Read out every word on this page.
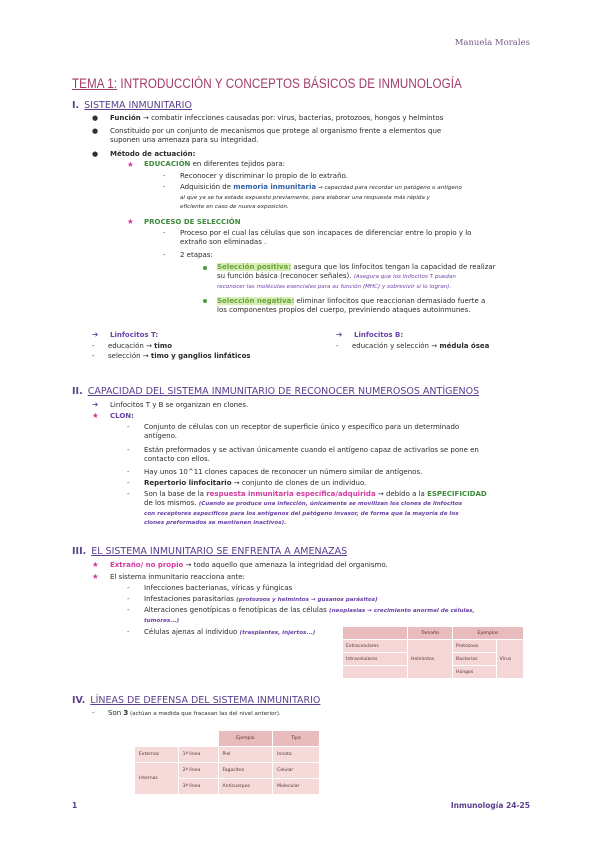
Manuela Morales
TEMA 1: INTRODUCCIÓN Y CONCEPTOS BÁSICOS DE INMUNOLOGÍA
I. SISTEMA INMUNITARIO
● Función → combatir infecciones causadas por: virus, bacterias, protozoos, hongos y helmintos
● Constituido por un conjunto de mecanismos que protege al organismo frente a elementos que
suponen una amenaza para su integridad.
● Método de actuación:
★ EDUCACIÓN en diferentes tejidos para:
- Reconocer y discriminar lo propio de lo extraño.
- Adquisición de memoria inmunitaria → capacidad para recordar un patógeno o antígeno
al que ya se ha estado expuesto previamente, para elaborar una respuesta más rápida y
eficiente en caso de nueva exposición.
★ PROCESO DE SELECCIÓN
- Proceso por el cual las células que son incapaces de diferenciar entre lo propio y lo
extraño son eliminadas .
- 2 etapas:
Selección positiva: asegura que los linfocitos tengan la capacidad de realizar
su función básica (reconocer señales). (Asegura que los linfocitos T puedan
reconocer las moléculas esenciales para su función (MHC) y sobrevivir si lo logran).
Selección negativa: eliminar linfocitos que reaccionan demasiado fuerte a
los componentes propios del cuerpo, previniendo ataques autoinmunes.
➔ Linfocitos T:
- educación → timo
- selección → timo y ganglios linfáticos
➔ Linfocitos B:
- educación y selección → médula ósea
II. CAPACIDAD DEL SISTEMA INMUNITARIO DE RECONOCER NUMEROSOS ANTÍGENOS
➔ Linfocitos T y B se organizan en clones.
★ CLON:
- Conjunto de células con un receptor de superficie único y específico para un determinado
antígeno.
- Están preformados y se activan únicamente cuando el antígeno capaz de activarlos se pone en
contacto con ellos.
- Hay unos 10^11 clones capaces de reconocer un número similar de antígenos.
- Repertorio linfocitario → conjunto de clones de un individuo.
- Son la base de la respuesta inmunitaria específica/adquirida → debido a la ESPECIFICIDAD
de los mismos. (Cuando se produce una infección, únicamente se movilizan los clones de linfocitos
con receptores específicos para los antígenos del patógeno invasor, de forma que la mayoría de los
clones preformados se mantienen inactivos).
III. EL SISTEMA INMUNITARIO SE ENFRENTA A AMENAZAS
★ Extraño/ no propio → todo aquello que amenaza la integridad del organismo.
★ El sistema inmunitario reacciona ante:
- Infecciones bacterianas, víricas y fúngicas
- Infestaciones parasitarias (protozoos y helmintos → gusanos parásitos)
- Alteraciones genotípicas o fenotípicas de las células (neoplasias → crecimiento anormal de células,
tumores...)
- Células ajenas al individuo (trasplantes, injertos...)
		Tamaño	Ejemplos	
Extracelulares	Helmintos	Protozoos	Virus
Intracelulares		Bacterias	
		Hongos	
IV. LÍNEAS DE DEFENSA DEL SISTEMA INMUNITARIO
- Son 3 (actúan a medida que fracasan las del nivel anterior).
		Ejemplo	Tipo
Externas	1ª línea	Piel	Innata
Internas	2ª línea	Fagocitos	Celular
	3ª línea	Anticuerpos	Molecular
1	Inmunología 24-25
